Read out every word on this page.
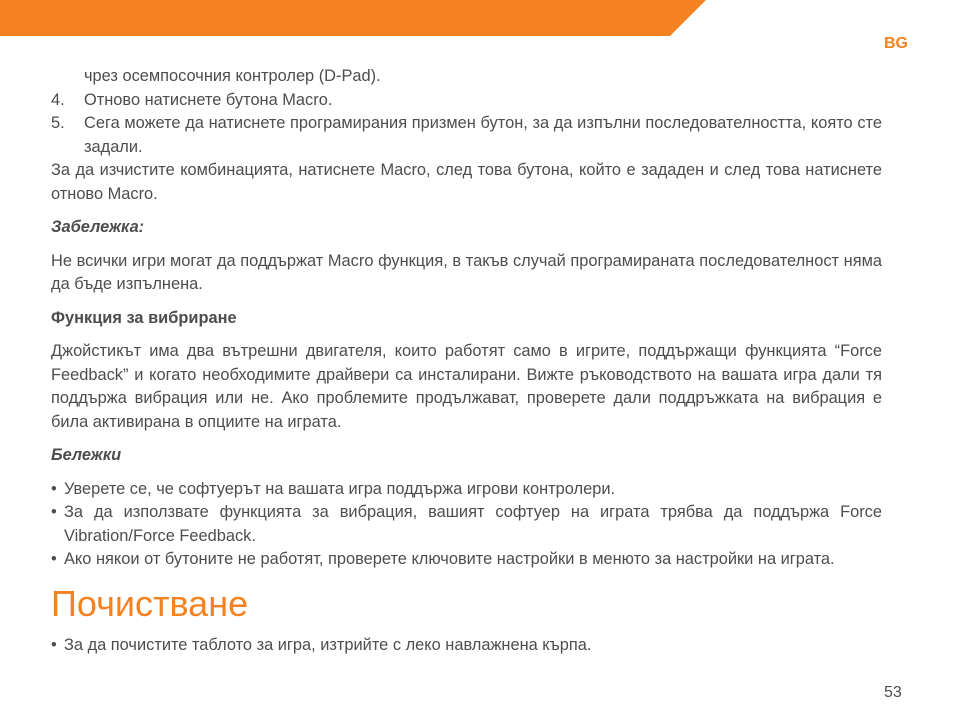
BG

чрез осемпосочния контролер (D-Pad).

4.	Отново натиснете бутона Macro.
5.	Сега можете да натиснете програмирания призмен бутон, за да изпълни последователността, която сте задали.

За да изчистите комбинацията, натиснете Macro, след това бутона, който е зададен и след това натиснете отново Macro.

Забележка:

Не всички игри могат да поддържат Macro функция, в такъв случай програмираната последователност няма да бъде изпълнена.

Функция за вибриране

Джойстикът има два вътрешни двигателя, които работят само в игрите, поддържащи функцията “Force Feedback” и когато необходимите драйвери са инсталирани. Вижте ръководството на вашата игра дали тя поддържа вибрация или не. Ако проблемите продължават, проверете дали поддръжката на вибрация е била активирана в опциите на играта.

Бележки

• Уверете се, че софтуерът на вашата игра поддържа игрови контролери.
• За да използвате функцията за вибрация, вашият софтуер на играта трябва да поддържа Force Vibration/Force Feedback.
• Ако някои от бутоните не работят, проверете ключовите настройки в менюто за настройки на играта.
Почистване
• За да почистите таблото за игра, изтрийте с леко навлажнена кърпа.
53
